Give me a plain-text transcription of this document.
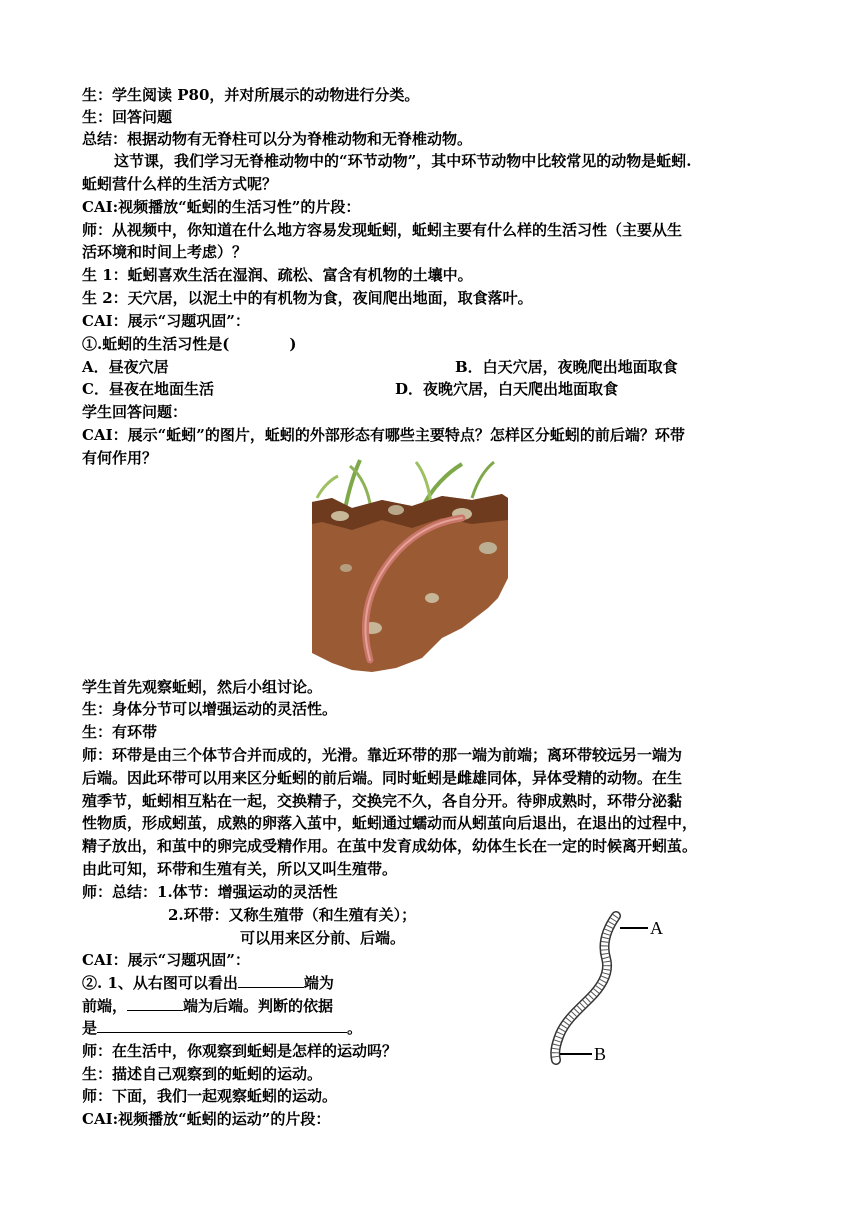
生：学生阅读 P80，并对所展示的动物进行分类。
生：回答问题
总结：根据动物有无脊柱可以分为脊椎动物和无脊椎动物。
这节课，我们学习无脊椎动物中的“环节动物”，其中环节动物中比较常见的动物是蚯蚓.
蚯蚓营什么样的生活方式呢？
CAI:视频播放“蚯蚓的生活习性”的片段：
师：从视频中，你知道在什么地方容易发现蚯蚓，蚯蚓主要有什么样的生活习性（主要从生
活环境和时间上考虑）？
生 1：蚯蚓喜欢生活在湿润、疏松、富含有机物的土壤中。
生 2：天穴居，以泥土中的有机物为食，夜间爬出地面，取食落叶。
CAI：展示“习题巩固”：
①.蚯蚓的生活习性是(　　　　)
A．昼夜穴居	B．白天穴居，夜晚爬出地面取食
C．昼夜在地面生活	D．夜晚穴居，白天爬出地面取食
学生回答问题：
CAI：展示“蚯蚓”的图片，蚯蚓的外部形态有哪些主要特点？怎样区分蚯蚓的前后端？环带
有何作用？
学生首先观察蚯蚓，然后小组讨论。
生：身体分节可以增强运动的灵活性。
生：有环带
师：环带是由三个体节合并而成的，光滑。靠近环带的那一端为前端；离环带较远另一端为
后端。因此环带可以用来区分蚯蚓的前后端。同时蚯蚓是雌雄同体，异体受精的动物。在生
殖季节，蚯蚓相互粘在一起，交换精子，交换完不久，各自分开。待卵成熟时，环带分泌黏
性物质，形成蚓茧，成熟的卵落入茧中，蚯蚓通过蠕动而从蚓茧向后退出，在退出的过程中，
精子放出，和茧中的卵完成受精作用。在茧中发育成幼体，幼体生长在一定的时候离开蚓茧。
由此可知，环带和生殖有关，所以又叫生殖带。
师：总结：1.体节：增强运动的灵活性
2.环带：又称生殖带（和生殖有关）；
可以用来区分前、后端。
CAI：展示“习题巩固”：
②. 1、从右图可以看出	端为
前端，	端为后端。判断的依据
是	。
A
B
师：在生活中，你观察到蚯蚓是怎样的运动吗？
生：描述自己观察到的蚯蚓的运动。
师：下面，我们一起观察蚯蚓的运动。
CAI:视频播放“蚯蚓的运动”的片段：
